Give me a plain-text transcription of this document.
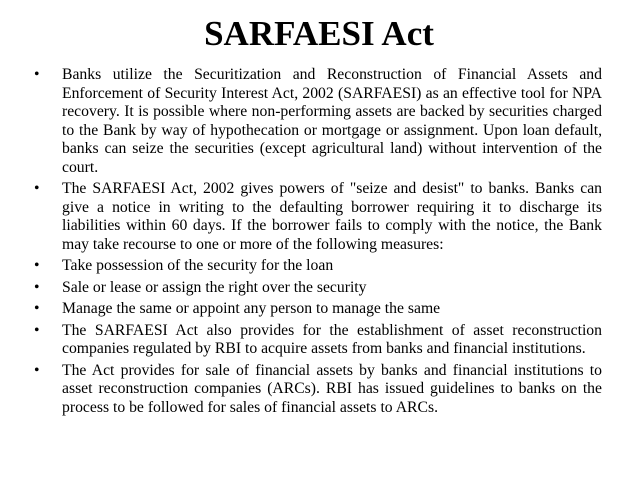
SARFAESI Act
• Banks utilize the Securitization and Reconstruction of Financial Assets and Enforcement of Security Interest Act, 2002 (SARFAESI) as an effective tool for NPA recovery. It is possible where non-performing assets are backed by securities charged to the Bank by way of hypothecation or mortgage or assignment. Upon loan default, banks can seize the securities (except agricultural land) without intervention of the court.
• The SARFAESI Act, 2002 gives powers of "seize and desist" to banks. Banks can give a notice in writing to the defaulting borrower requiring it to discharge its liabilities within 60 days. If the borrower fails to comply with the notice, the Bank may take recourse to one or more of the following measures:
• Take possession of the security for the loan
• Sale or lease or assign the right over the security
• Manage the same or appoint any person to manage the same
• The SARFAESI Act also provides for the establishment of asset reconstruction companies regulated by RBI to acquire assets from banks and financial institutions.
• The Act provides for sale of financial assets by banks and financial institutions to asset reconstruction companies (ARCs). RBI has issued guidelines to banks on the process to be followed for sales of financial assets to ARCs.
